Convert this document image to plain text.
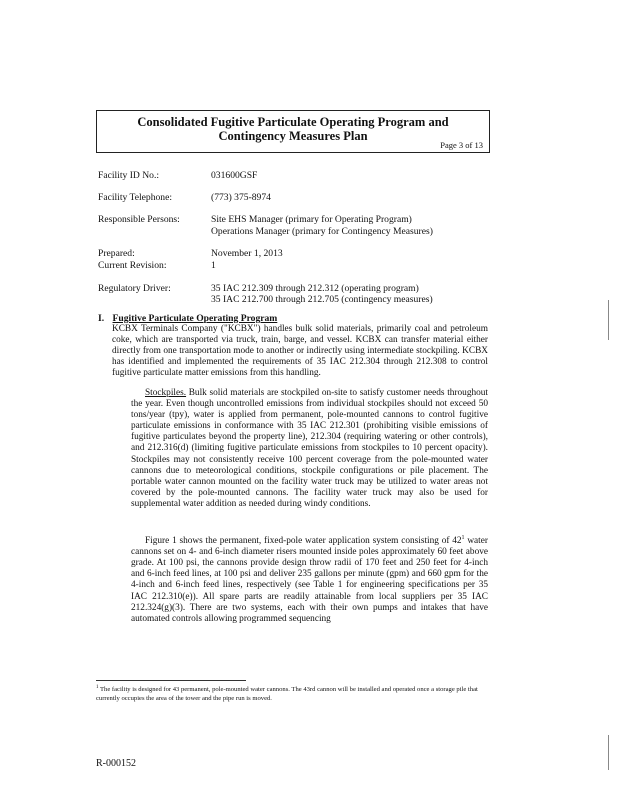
Consolidated Fugitive Particulate Operating Program and
Contingency Measures Plan
Page 3 of 13
Facility ID No.:	031600GSF
Facility Telephone:	(773) 375-8974
Responsible Persons:	Site EHS Manager (primary for Operating Program)
Operations Manager (primary for Contingency Measures)
Prepared:	November 1, 2013
Current Revision:	1
Regulatory Driver:	35 IAC 212.309 through 212.312 (operating program)
35 IAC 212.700 through 212.705 (contingency measures)
I. Fugitive Particulate Operating Program
KCBX Terminals Company ("KCBX") handles bulk solid materials, primarily coal and petroleum coke, which are transported via truck, train, barge, and vessel. KCBX can transfer material either directly from one transportation mode to another or indirectly using intermediate stockpiling. KCBX has identified and implemented the requirements of 35 IAC 212.304 through 212.308 to control fugitive particulate matter emissions from this handling.
Stockpiles. Bulk solid materials are stockpiled on-site to satisfy customer needs throughout the year. Even though uncontrolled emissions from individual stockpiles should not exceed 50 tons/year (tpy), water is applied from permanent, pole-mounted cannons to control fugitive particulate emissions in conformance with 35 IAC 212.301 (prohibiting visible emissions of fugitive particulates beyond the property line), 212.304 (requiring watering or other controls), and 212.316(d) (limiting fugitive particulate emissions from stockpiles to 10 percent opacity). Stockpiles may not consistently receive 100 percent coverage from the pole-mounted water cannons due to meteorological conditions, stockpile configurations or pile placement. The portable water cannon mounted on the facility water truck may be utilized to water areas not covered by the pole-mounted cannons. The facility water truck may also be used for supplemental water addition as needed during windy conditions.
Figure 1 shows the permanent, fixed-pole water application system consisting of $42^1$ water cannons set on 4- and 6-inch diameter risers mounted inside poles approximately 60 feet above grade. At 100 psi, the cannons provide design throw radii of 170 feet and 250 feet for 4-inch and 6-inch feed lines, at 100 psi and deliver 235 gallons per minute (gpm) and 660 gpm for the 4-inch and 6-inch feed lines, respectively (see Table 1 for engineering specifications per 35 IAC 212.310(e)). All spare parts are readily attainable from local suppliers per 35 IAC 212.324(g)(3). There are two systems, each with their own pumps and intakes that have automated controls allowing programmed sequencing
$^1$ The facility is designed for 43 permanent, pole-mounted water cannons. The 43rd cannon will be installed and operated once a storage pile that currently occupies the area of the tower and the pipe run is moved.
R-000152
